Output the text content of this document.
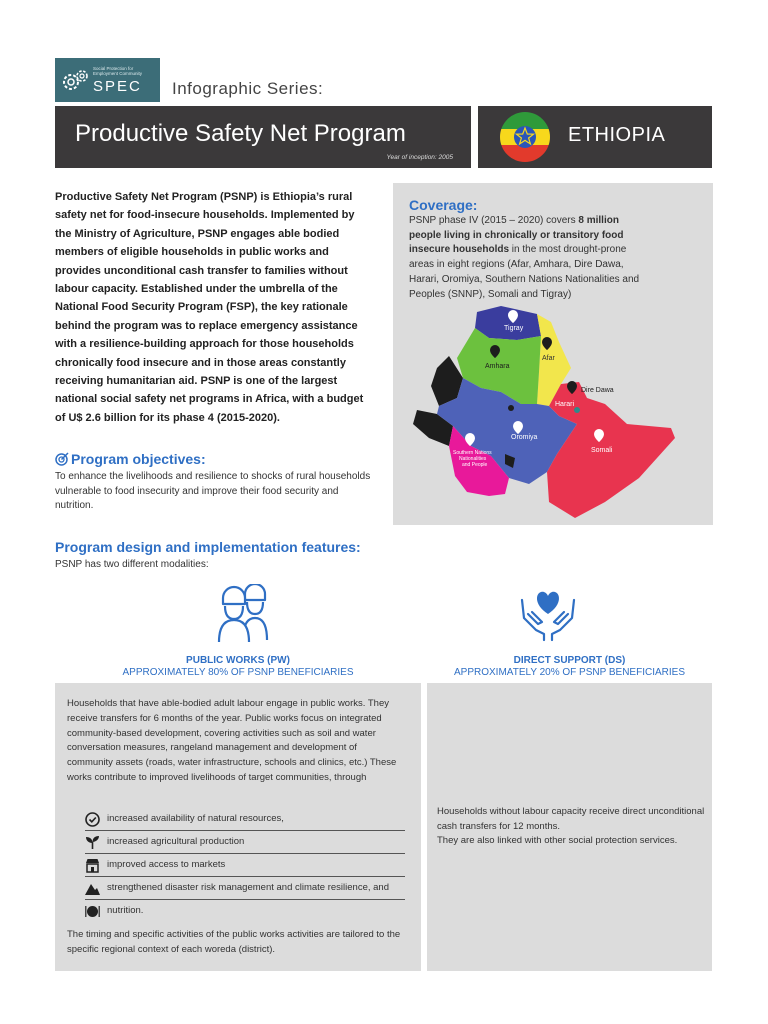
Social Protection for Employment Community
SPEC Infographic Series:
Productive Safety Net Program
Year of inception: 2005
ETHIOPIA
Productive Safety Net Program (PSNP) is Ethiopia’s rural safety net for food-insecure households. Implemented by the Ministry of Agriculture, PSNP engages able bodied members of eligible households in public works and provides unconditional cash transfer to families without labour capacity. Established under the umbrella of the National Food Security Program (FSP), the key rationale behind the program was to replace emergency assistance with a resilience-building approach for those households chronically food insecure and in those areas constantly receiving humanitarian aid. PSNP is one of the largest national social safety net programs in Africa, with a budget of U$ 2.6 billion for its phase 4 (2015-2020).
Program objectives:
To enhance the livelihoods and resilience to shocks of rural households vulnerable to food insecurity and improve their food security and nutrition.
Coverage:
PSNP phase IV (2015 – 2020) covers 8 million people living in chronically or transitory food insecure households in the most drought-prone areas in eight regions (Afar, Amhara, Dire Dawa, Harari, Oromiya, Southern Nations Nationalities and Peoples (SNNP), Somali and Tigray)
Tigray
Afar
Amhara
Dire Dawa
Harari
Oromiya
Somali
Southern Nations
Nationalities
and People
Program design and implementation features:
PSNP has two different modalities:
PUBLIC WORKS (PW)
APPROXIMATELY 80% OF PSNP BENEFICIARIES
DIRECT SUPPORT (DS)
APPROXIMATELY 20% OF PSNP BENEFICIARIES
Households that have able-bodied adult labour engage in public works. They receive transfers for 6 months of the year. Public works focus on integrated community-based development, covering activities such as soil and water conversation measures, rangeland management and development of community assets (roads, water infrastructure, schools and clinics, etc.) These works contribute to improved livelihoods of target communities, through
increased availability of natural resources,
increased agricultural production
improved access to markets
strengthened disaster risk management and climate resilience, and
nutrition.
The timing and specific activities of the public works activities are tailored to the specific regional context of each woreda (district).
Households without labour capacity receive direct unconditional cash transfers for 12 months.
They are also linked with other social protection services.
